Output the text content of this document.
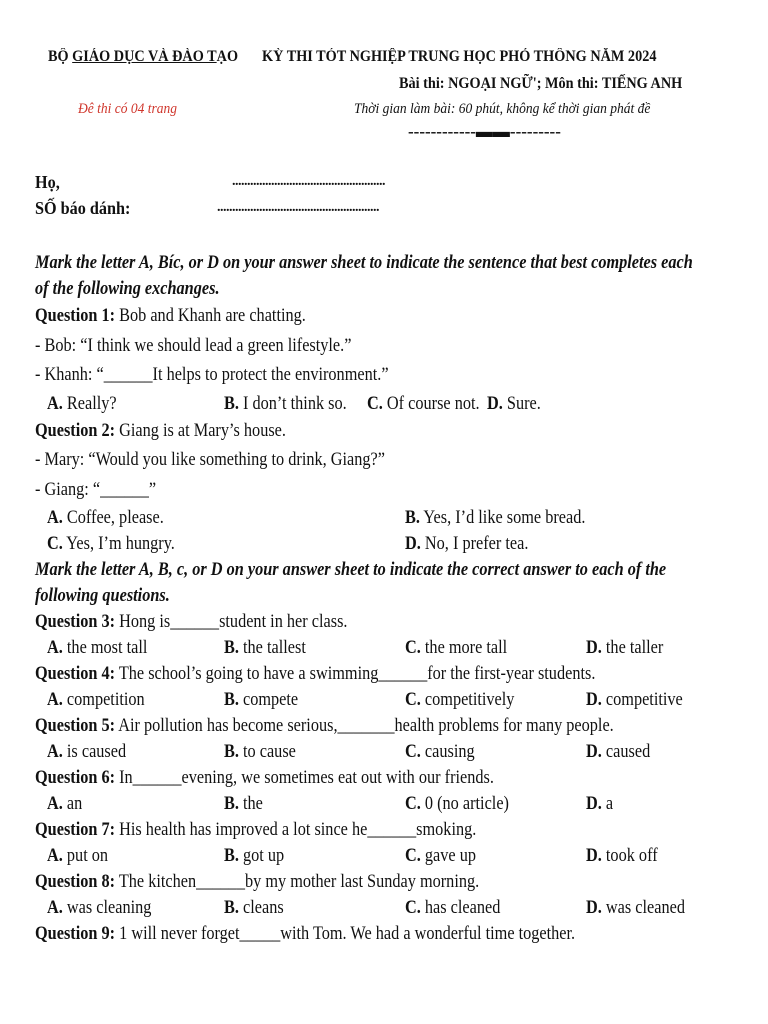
BỘ GIÁO DỤC VÀ ĐÀO TẠO KỲ THI TÓT NGHIỆP TRUNG HỌC PHỎ THÔNG NĂM 2024
Bài thi: NGOẠI NGỮ'; Môn thi: TIẾNG ANH
Đê thi có 04 trang	Thời gian làm bài: 60 phút, không kể thời gian phát đề
------------▬▬---------
Họ,	...................................................
SỐ báo dánh:	......................................................
Mark the letter A, Bíc, or D on your answer sheet to indicate the sentence that best completes each
of the following exchanges.
Question 1: Bob and Khanh are chatting.
- Bob: “I think we should lead a green lifestyle.”
- Khanh: “______It helps to protect the environment.”
A. Really?	B. I don’t think so. C. Of course not. D. Sure.
Question 2: Giang is at Mary’s house.
- Mary: “Would you like something to drink, Giang?”
- Giang: “______”
A. Coffee, please.	B. Yes, I’d like some bread.
C. Yes, I’m hungry.	D. No, I prefer tea.
Mark the letter A, B, c, or D on your answer sheet to indicate the correct answer to each of the
following questions.
Question 3: Hong is______student in her class.
A. the most tall	B. the tallest	C. the more tall	D. the taller
Question 4: The school’s going to have a swimming______for the first-year students.
A. competition	B. compete	C. competitively	D. competitive
Question 5: Air pollution has become serious,_______health problems for many people.
A. is caused	B. to cause	C. causing	D. caused
Question 6: In______evening, we sometimes eat out with our friends.
A. an	B. the	C. 0 (no article)	D. a
Question 7: His health has improved a lot since he______smoking.
A. put on	B. got up	C. gave up	D. took off
Question 8: The kitchen______by my mother last Sunday morning.
A. was cleaning	B. cleans	C. has cleaned	D. was cleaned
Question 9: 1 will never forget_____with Tom. We had a wonderful time together.
